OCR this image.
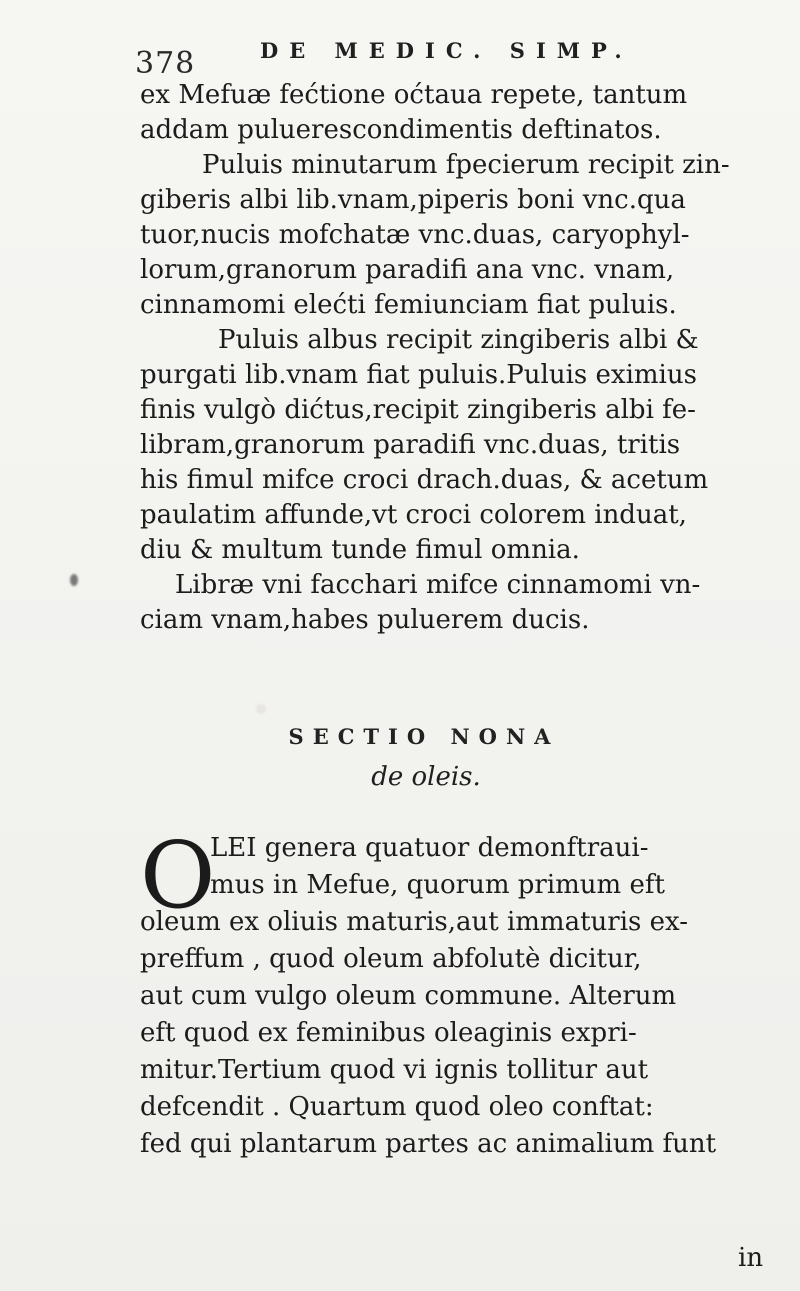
378	DE MEDIC. SIMP.
ex Mefuæ fećtione oćtaua repete, tantum
addam puluerescondimentis deftinatos.
Puluis minutarum fpecierum recipit zin-
giberis albi lib.vnam,piperis boni vnc.qua
tuor,nucis mofchatæ vnc.duas, caryophyl-
lorum,granorum paradifi ana vnc. vnam,
cinnamomi elećti femiunciam fiat puluis.
Puluis albus recipit zingiberis albi &
purgati lib.vnam fiat puluis.Puluis eximius
finis vulgò dićtus,recipit zingiberis albi fe-
libram,granorum paradifi vnc.duas, tritis
his fimul mifce croci drach.duas, & acetum
paulatim affunde,vt croci colorem induat,
diu & multum tunde fimul omnia.
Libræ vni facchari mifce cinnamomi vn-
ciam vnam,habes puluerem ducis.
SECTIO NONA
de oleis.
O
LEI genera quatuor demonftraui-
mus in Mefue, quorum primum eft
oleum ex oliuis maturis,aut immaturis ex-
preffum , quod oleum abfolutè dicitur,
aut cum vulgo oleum commune. Alterum
eft quod ex feminibus oleaginis expri-
mitur.Tertium quod vi ignis tollitur aut
defcendit . Quartum quod oleo conftat:
fed qui plantarum partes ac animalium funt
in
